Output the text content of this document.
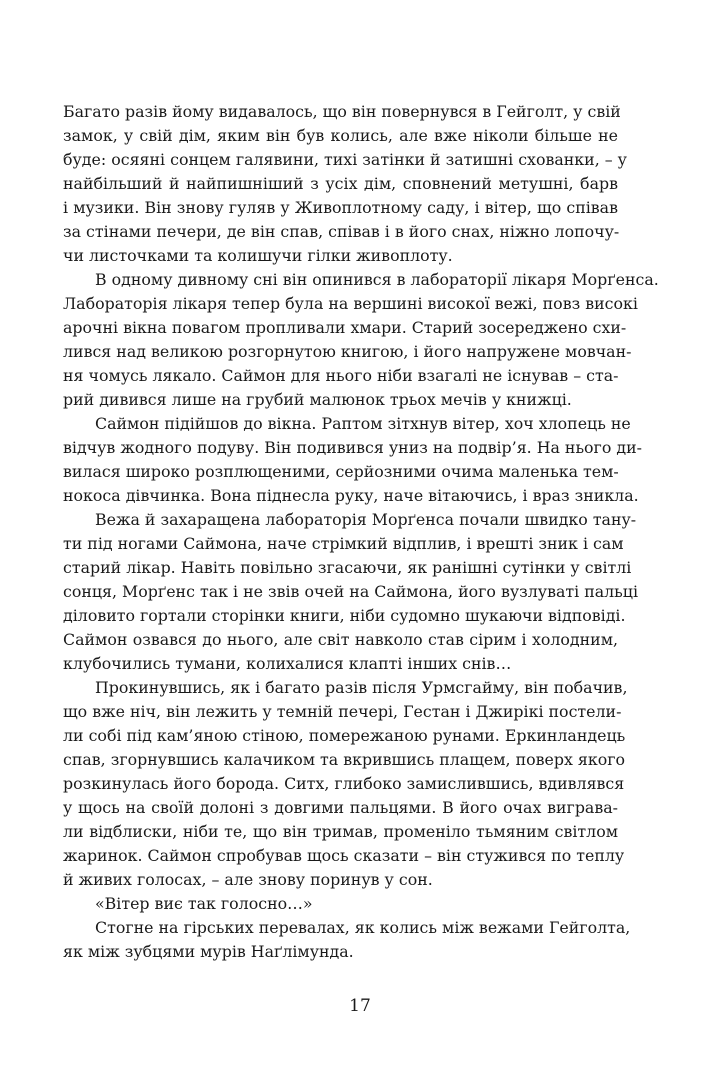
Багато разів йому видавалось, що він повернувся в Гейголт, у свій
замок, у свій дім, яким він був колись, але вже ніколи більше не
буде: осяяні сонцем галявини, тихі затінки й затишні схованки, – у
найбільший й найпишніший з усіх дім, сповнений метушні, барв
і музики. Він знову гуляв у Живоплотному саду, і вітер, що співав
за стінами печери, де він спав, співав і в його снах, ніжно лопочу-
чи листочками та колишучи гілки живоплоту.
В одному дивному сні він опинився в лабораторії лікаря Морґенса.
Лабораторія лікаря тепер була на вершині високої вежі, повз високі
арочні вікна повагом пропливали хмари. Старий зосереджено схи-
лився над великою розгорнутою книгою, і його напружене мовчан-
ня чомусь лякало. Саймон для нього ніби взагалі не існував – ста-
рий дивився лише на грубий малюнок трьох мечів у книжці.
Саймон підійшов до вікна. Раптом зітхнув вітер, хоч хлопець не
відчув жодного подуву. Він подивився униз на подвір’я. На нього ди-
вилася широко розплющеними, серйозними очима маленька тем-
нокоса дівчинка. Вона піднесла руку, наче вітаючись, і враз зникла.
Вежа й захаращена лабораторія Морґенса почали швидко тану-
ти під ногами Саймона, наче стрімкий відплив, і врешті зник і сам
старий лікар. Навіть повільно згасаючи, як ранішні сутінки у світлі
сонця, Морґенс так і не звів очей на Саймона, його вузлуваті пальці
діловито гортали сторінки книги, ніби судомно шукаючи відповіді.
Саймон озвався до нього, але світ навколо став сірим і холодним,
клубочились тумани, колихалися клапті інших снів…
Прокинувшись, як і багато разів після Урмсгайму, він побачив,
що вже ніч, він лежить у темній печері, Гестан і Джирікі постели-
ли собі під кам’яною стіною, помережаною рунами. Еркинландець
спав, згорнувшись калачиком та вкрившись плащем, поверх якого
розкинулась його борода. Ситх, глибоко замислившись, вдивлявся
у щось на своїй долоні з довгими пальцями. В його очах виграва-
ли відблиски, ніби те, що він тримав, променіло тьмяним світлом
жаринок. Саймон спробував щось сказати – він стужився по теплу
й живих голосах, – але знову поринув у сон.
«Вітер виє так голосно…»
Стогне на гірських перевалах, як колись між вежами Гейголта,
як між зубцями мурів Наґлімунда.
17
